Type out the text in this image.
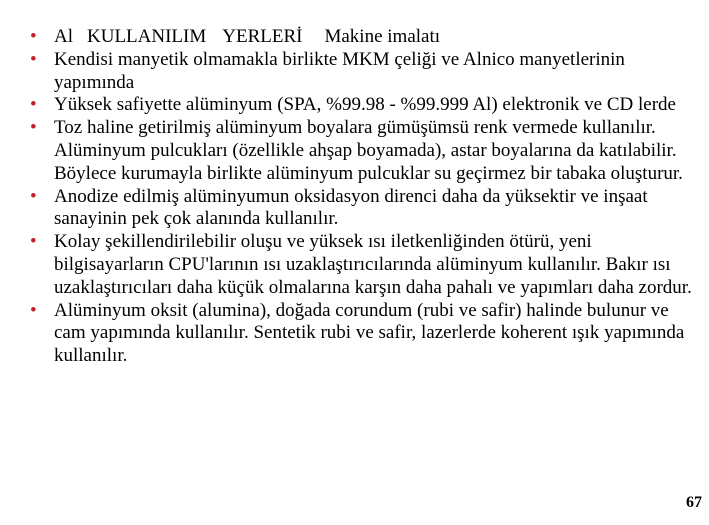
• Al KULLANILIM YERLERİ Makine imalatı
• Kendisi manyetik olmamakla birlikte MKM çeliği ve Alnico manyetlerinin yapımında
• Yüksek safiyette alüminyum (SPA, %99.98 - %99.999 Al) elektronik ve CD lerde
• Toz haline getirilmiş alüminyum boyalara gümüşümsü renk vermede kullanılır. Alüminyum pulcukları (özellikle ahşap boyamada), astar boyalarına da katılabilir. Böylece kurumayla birlikte alüminyum pulcuklar su geçirmez bir tabaka oluşturur.
• Anodize edilmiş alüminyumun oksidasyon direnci daha da yüksektir ve inşaat sanayinin pek çok alanında kullanılır.
• Kolay şekillendirilebilir oluşu ve yüksek ısı iletkenliğinden ötürü, yeni bilgisayarların CPU'larının ısı uzaklaştırıcılarında alüminyum kullanılır. Bakır ısı uzaklaştırıcıları daha küçük olmalarına karşın daha pahalı ve yapımları daha zordur.
• Alüminyum oksit (alumina), doğada corundum (rubi ve safir) halinde bulunur ve cam yapımında kullanılır. Sentetik rubi ve safir, lazerlerde koherent ışık yapımında kullanılır.
67
